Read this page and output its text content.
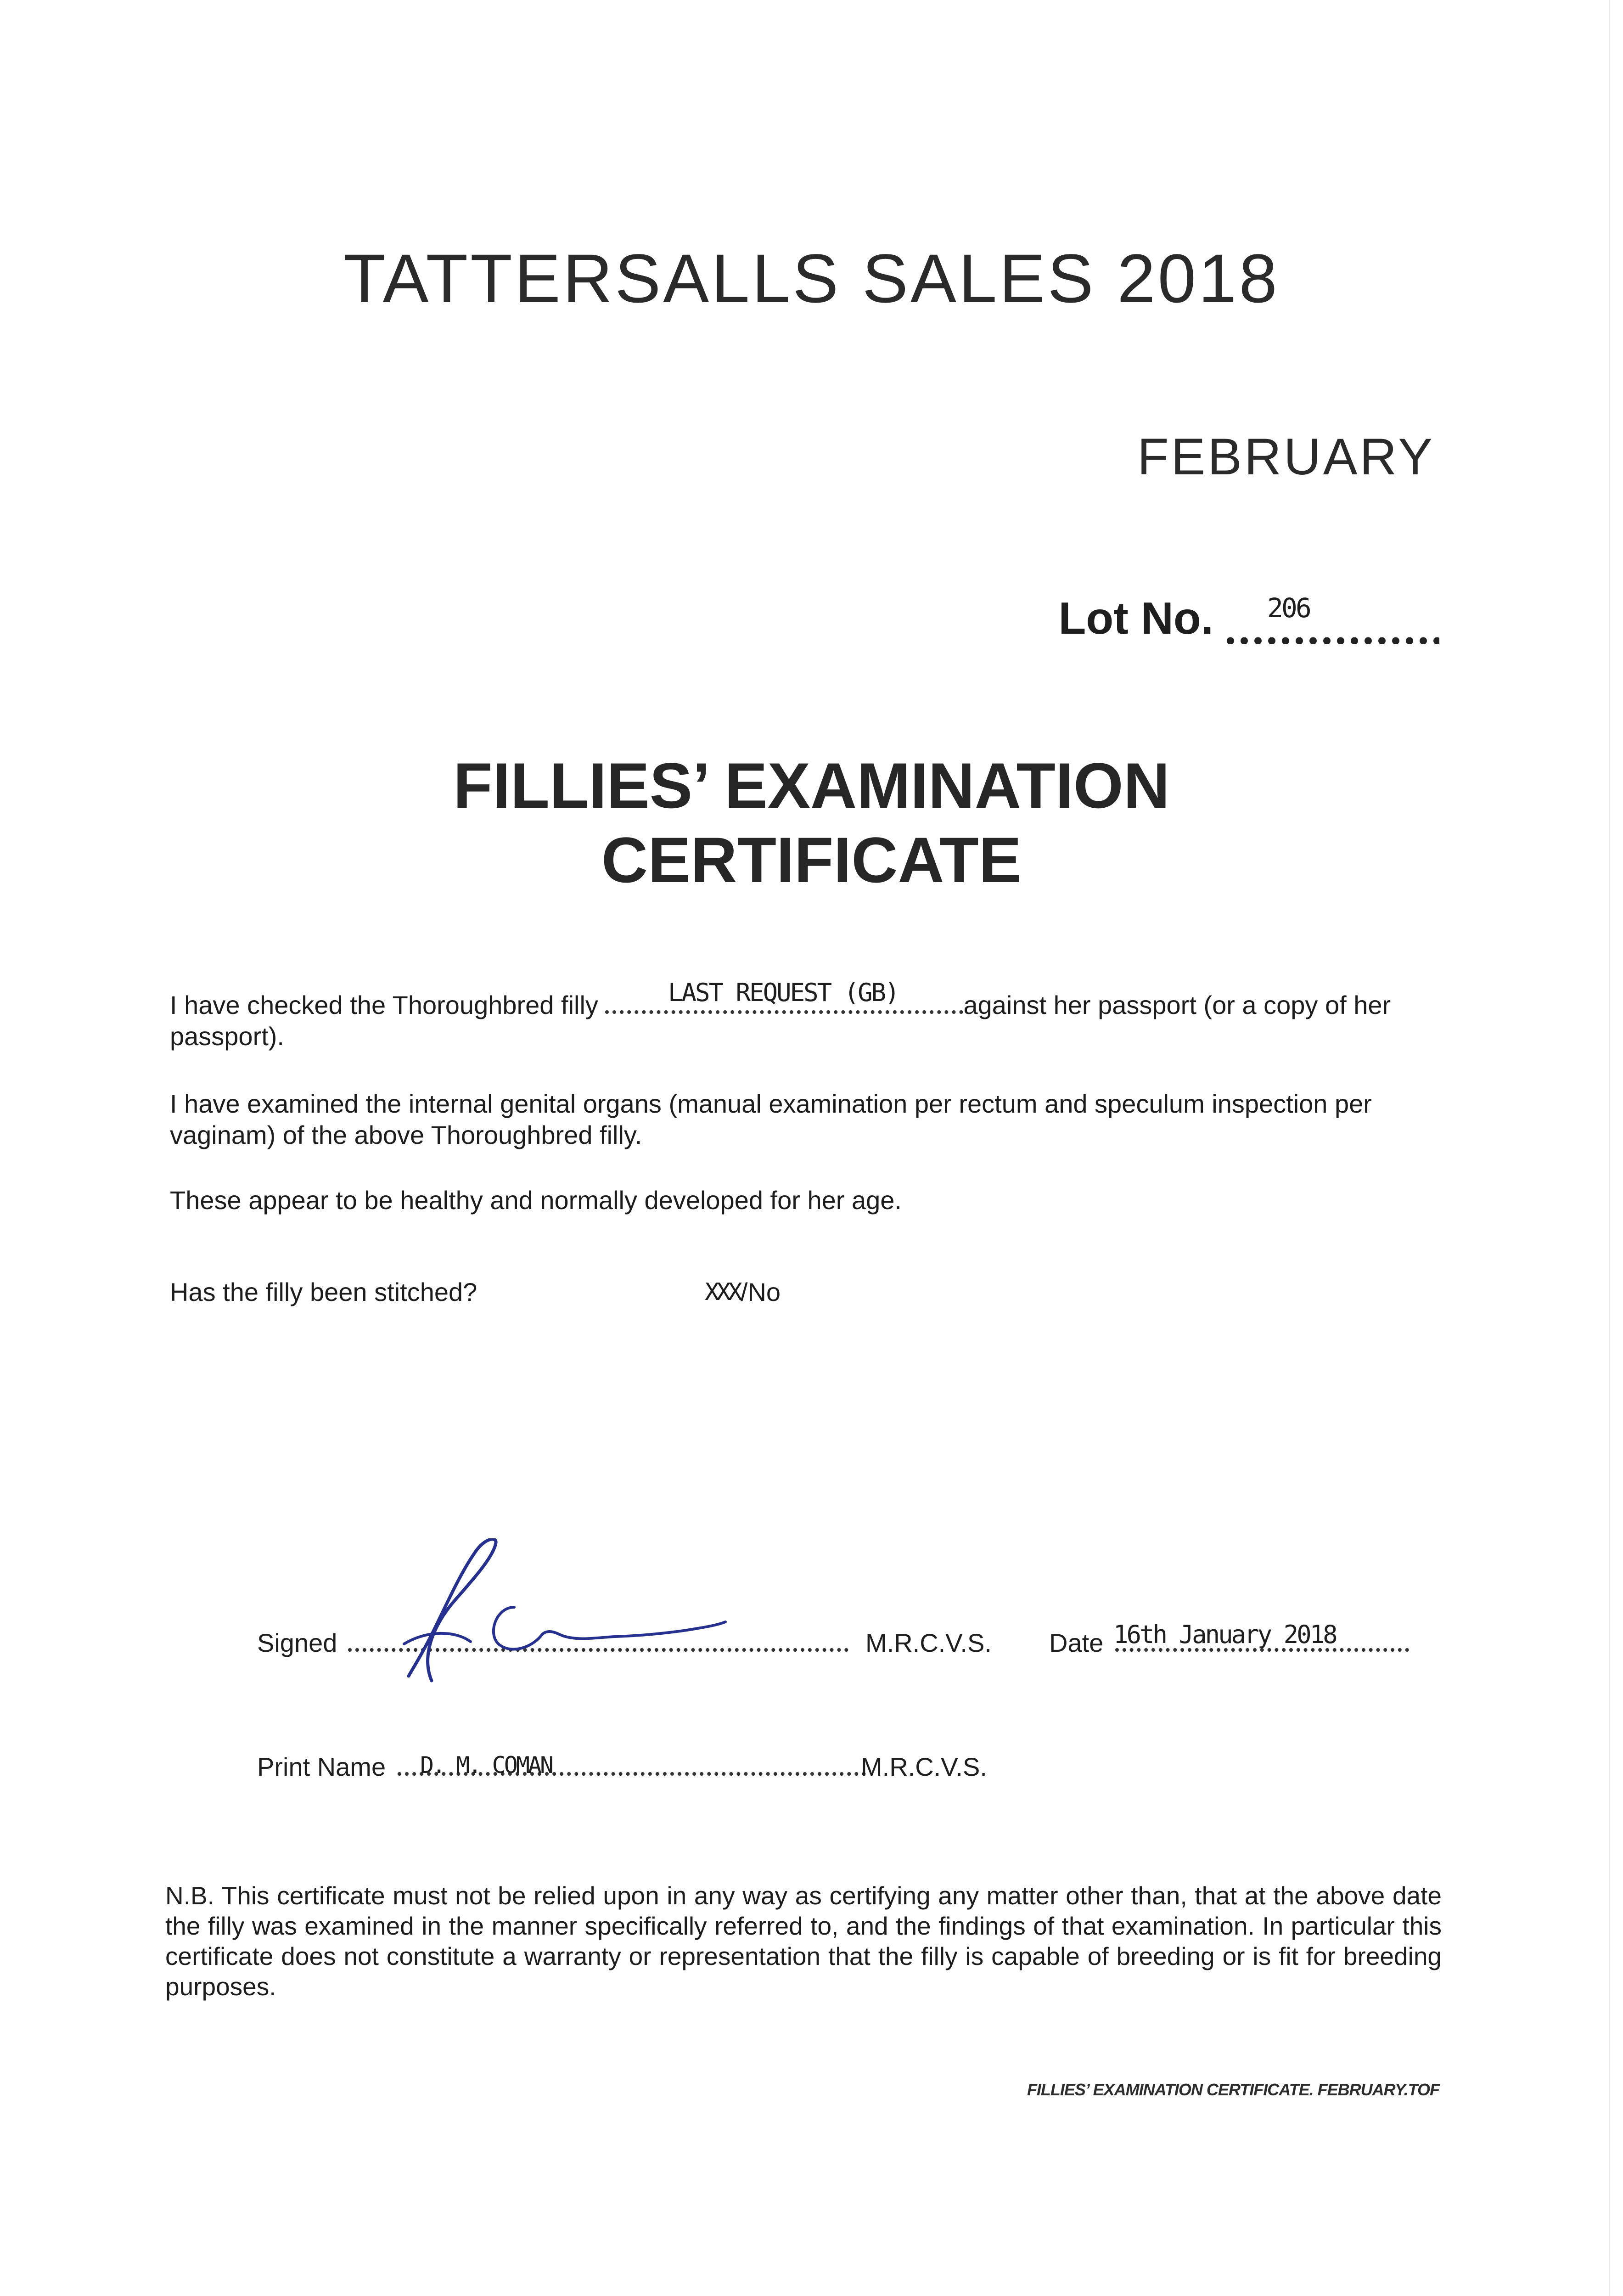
TATTERSALLS SALES 2018
FEBRUARY
Lot No. 206
FILLIES’ EXAMINATION
CERTIFICATE
I have checked the Thoroughbred filly	against her passport (or a copy of her passport).
LAST REQUEST (GB)
I have examined the internal genital organs (manual examination per rectum and speculum inspection per vaginam) of the above Thoroughbred filly.
These appear to be healthy and normally developed for her age.
Has the filly been stitched?	XXX /No
Signed	M.R.C.V.S. Date 16th January 2018
Print Name	D. M. COMAN	M.R.C.V.S.
N.B. This certificate must not be relied upon in any way as certifying any matter other than, that at the above date the filly was examined in the manner specifically referred to, and the findings of that examination. In particular this certificate does not constitute a warranty or representation that the filly is capable of breeding or is fit for breeding purposes.
FILLIES’ EXAMINATION CERTIFICATE. FEBRUARY.TOF
